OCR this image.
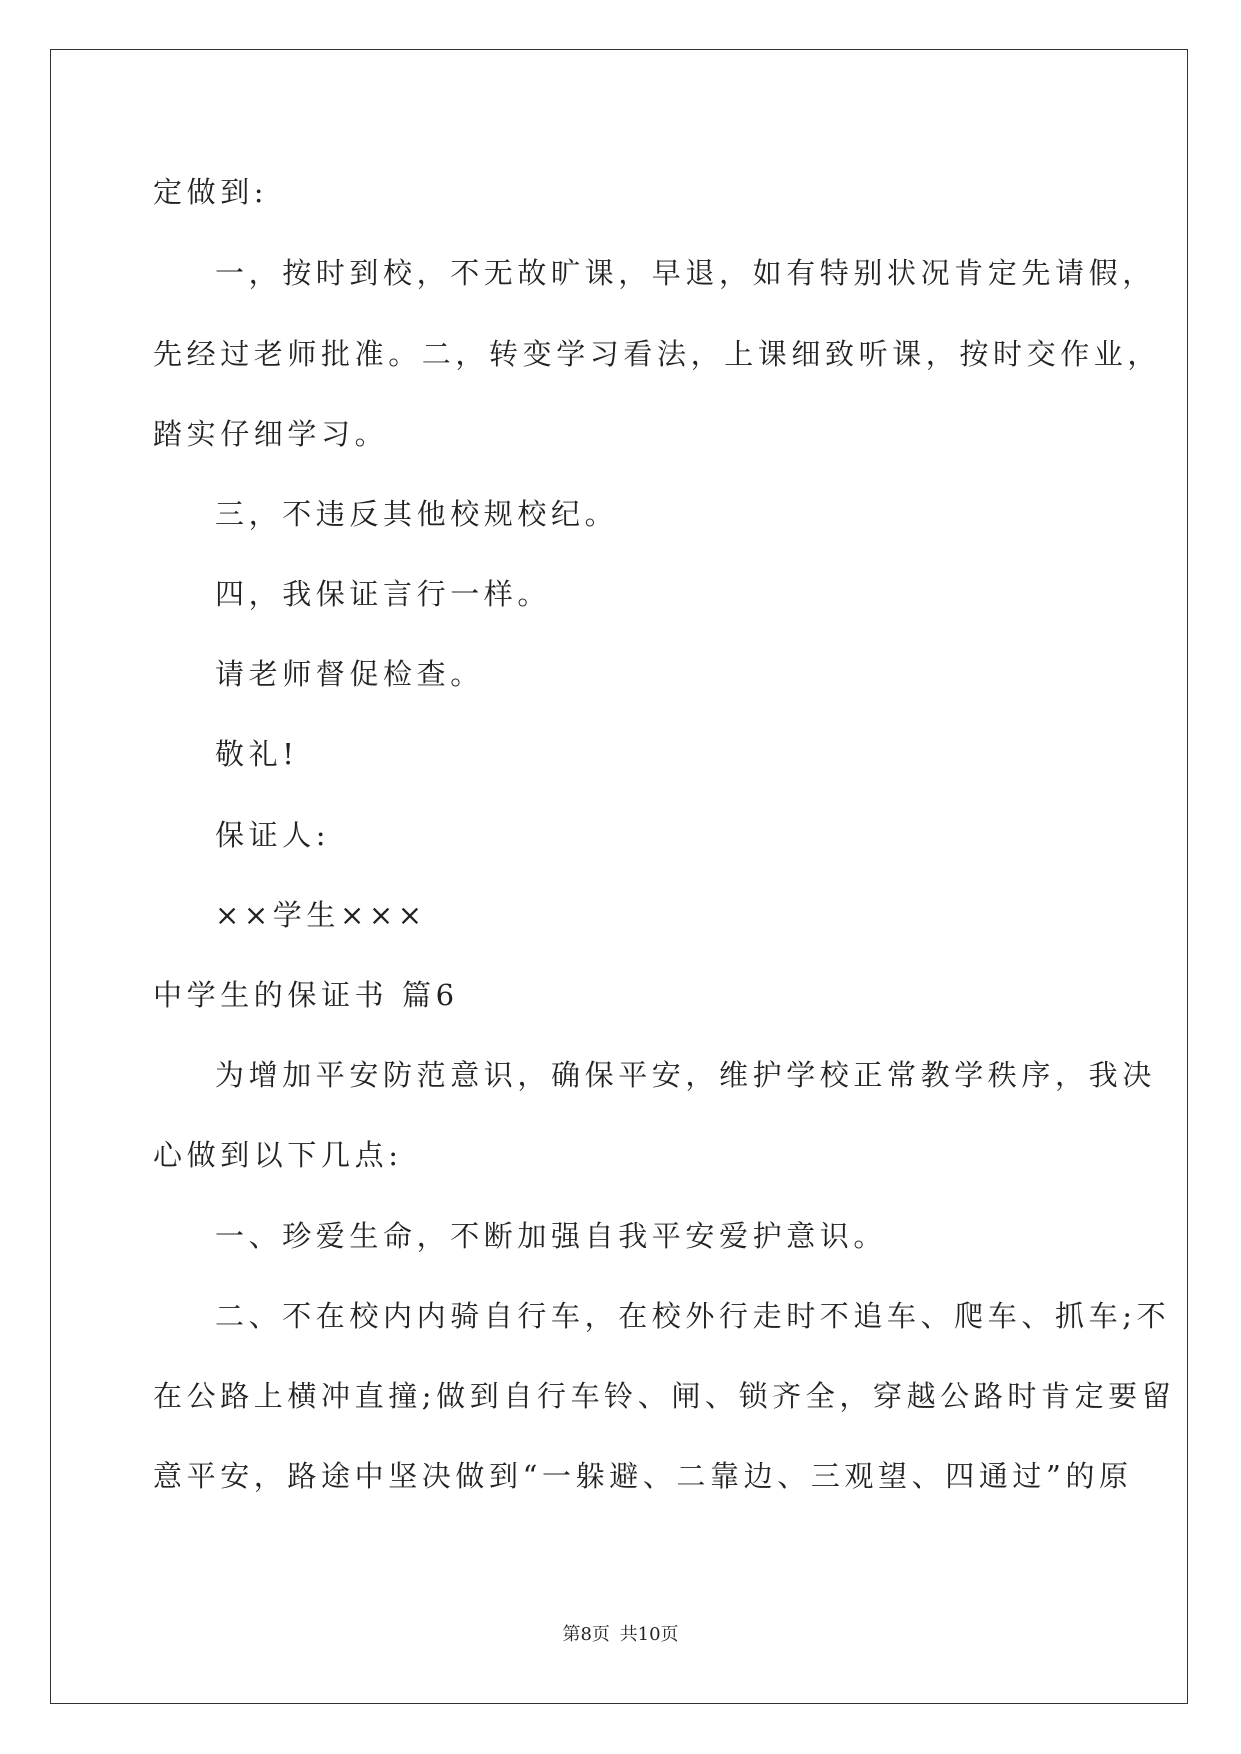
定做到:
一，按时到校，不无故旷课，早退，如有特别状况肯定先请假，
先经过老师批准。二，转变学习看法，上课细致听课，按时交作业，
踏实仔细学习。
三，不违反其他校规校纪。
四，我保证言行一样。
请老师督促检查。
敬礼!
保证人:
××学生×××
中学生的保证书 篇6
为增加平安防范意识，确保平安，维护学校正常教学秩序，我决
心做到以下几点:
一、珍爱生命，不断加强自我平安爱护意识。
二、不在校内内骑自行车，在校外行走时不追车、爬车、抓车;不
在公路上横冲直撞;做到自行车铃、闸、锁齐全，穿越公路时肯定要留
意平安，路途中坚决做到“一躲避、二靠边、三观望、四通过”的原
第8页 共10页
